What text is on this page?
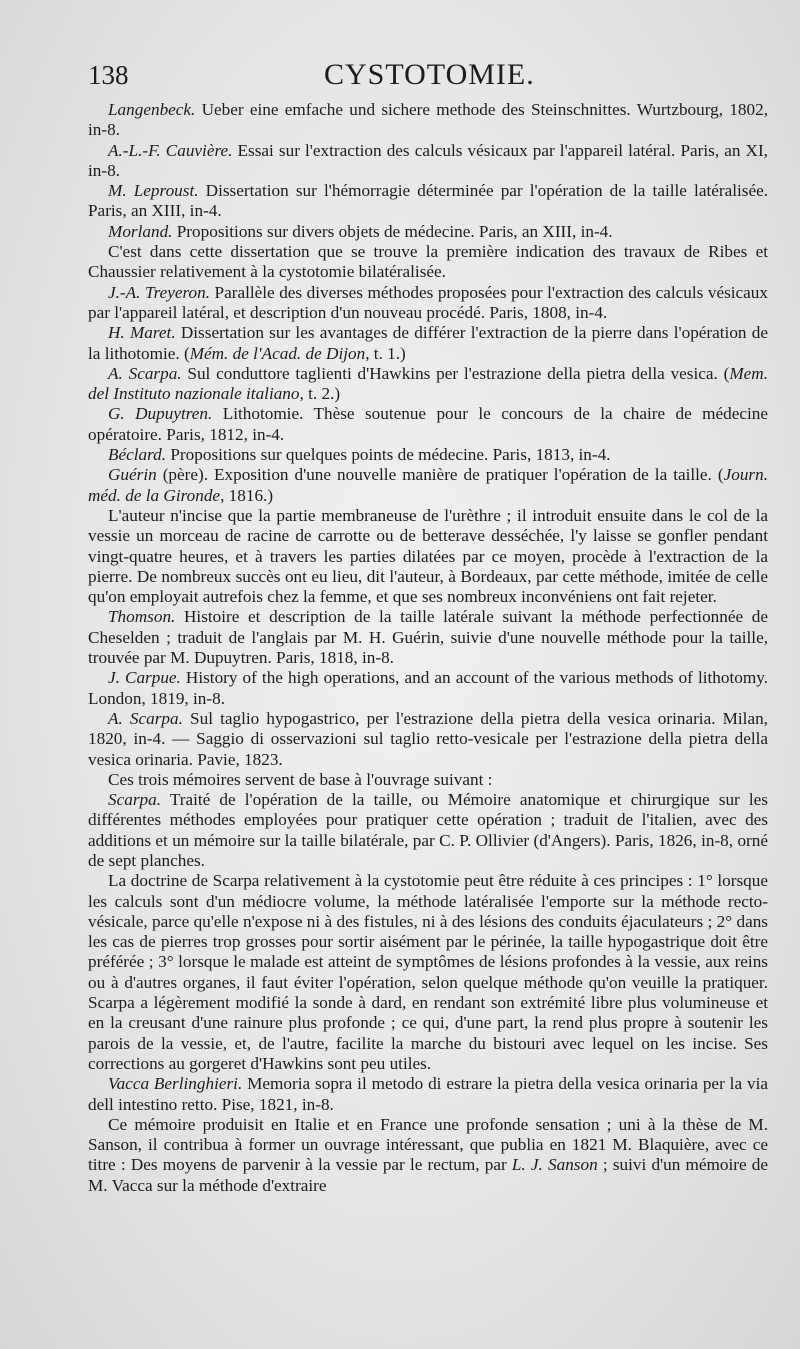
138	CYSTOTOMIE.

Langenbeck. Ueber eine emfache und sichere methode des Steinschnittes. Wurtzbourg, 1802, in-8.

A.-L.-F. Cauvière. Essai sur l'extraction des calculs vésicaux par l'appareil latéral. Paris, an XI, in-8.

M. Leproust. Dissertation sur l'hémorragie déterminée par l'opération de la taille latéralisée. Paris, an XIII, in-4.

Morland. Propositions sur divers objets de médecine. Paris, an XIII, in-4.

C'est dans cette dissertation que se trouve la première indication des travaux de Ribes et Chaussier relativement à la cystotomie bilatéralisée.

J.-A. Treyeron. Parallèle des diverses méthodes proposées pour l'extraction des calculs vésicaux par l'appareil latéral, et description d'un nouveau procédé. Paris, 1808, in-4.

H. Maret. Dissertation sur les avantages de différer l'extraction de la pierre dans l'opération de la lithotomie. (Mém. de l'Acad. de Dijon, t. 1.)

A. Scarpa. Sul conduttore taglienti d'Hawkins per l'estrazione della pietra della vesica. (Mem. del Instituto nazionale italiano, t. 2.)

G. Dupuytren. Lithotomie. Thèse soutenue pour le concours de la chaire de médecine opératoire. Paris, 1812, in-4.

Béclard. Propositions sur quelques points de médecine. Paris, 1813, in-4.

Guérin (père). Exposition d'une nouvelle manière de pratiquer l'opération de la taille. (Journ. méd. de la Gironde, 1816.)

L'auteur n'incise que la partie membraneuse de l'urèthre ; il introduit ensuite dans le col de la vessie un morceau de racine de carrotte ou de betterave desséchée, l'y laisse se gonfler pendant vingt-quatre heures, et à travers les parties dilatées par ce moyen, procède à l'extraction de la pierre. De nombreux succès ont eu lieu, dit l'auteur, à Bordeaux, par cette méthode, imitée de celle qu'on employait autrefois chez la femme, et que ses nombreux inconvéniens ont fait rejeter.

Thomson. Histoire et description de la taille latérale suivant la méthode perfectionnée de Cheselden ; traduit de l'anglais par M. H. Guérin, suivie d'une nouvelle méthode pour la taille, trouvée par M. Dupuytren. Paris, 1818, in-8.

J. Carpue. History of the high operations, and an account of the various methods of lithotomy. London, 1819, in-8.

A. Scarpa. Sul taglio hypogastrico, per l'estrazione della pietra della vesica orinaria. Milan, 1820, in-4. — Saggio di osservazioni sul taglio retto-vesicale per l'estrazione della pietra della vesica orinaria. Pavie, 1823.

Ces trois mémoires servent de base à l'ouvrage suivant :

Scarpa. Traité de l'opération de la taille, ou Mémoire anatomique et chirurgique sur les différentes méthodes employées pour pratiquer cette opération ; traduit de l'italien, avec des additions et un mémoire sur la taille bilatérale, par C. P. Ollivier (d'Angers). Paris, 1826, in-8, orné de sept planches.

La doctrine de Scarpa relativement à la cystotomie peut être réduite à ces principes : 1° lorsque les calculs sont d'un médiocre volume, la méthode latéralisée l'emporte sur la méthode recto-vésicale, parce qu'elle n'expose ni à des fistules, ni à des lésions des conduits éjaculateurs ; 2° dans les cas de pierres trop grosses pour sortir aisément par le périnée, la taille hypogastrique doit être préférée ; 3° lorsque le malade est atteint de symptômes de lésions profondes à la vessie, aux reins ou à d'autres organes, il faut éviter l'opération, selon quelque méthode qu'on veuille la pratiquer. Scarpa a légèrement modifié la sonde à dard, en rendant son extrémité libre plus volumineuse et en la creusant d'une rainure plus profonde ; ce qui, d'une part, la rend plus propre à soutenir les parois de la vessie, et, de l'autre, facilite la marche du bistouri avec lequel on les incise. Ses corrections au gorgeret d'Hawkins sont peu utiles.

Vacca Berlinghieri. Memoria sopra il metodo di estrare la pietra della vesica orinaria per la via dell intestino retto. Pise, 1821, in-8.

Ce mémoire produisit en Italie et en France une profonde sensation ; uni à la thèse de M. Sanson, il contribua à former un ouvrage intéressant, que publia en 1821 M. Blaquière, avec ce titre : Des moyens de parvenir à la vessie par le rectum, par L. J. Sanson ; suivi d'un mémoire de M. Vacca sur la méthode d'extraire
